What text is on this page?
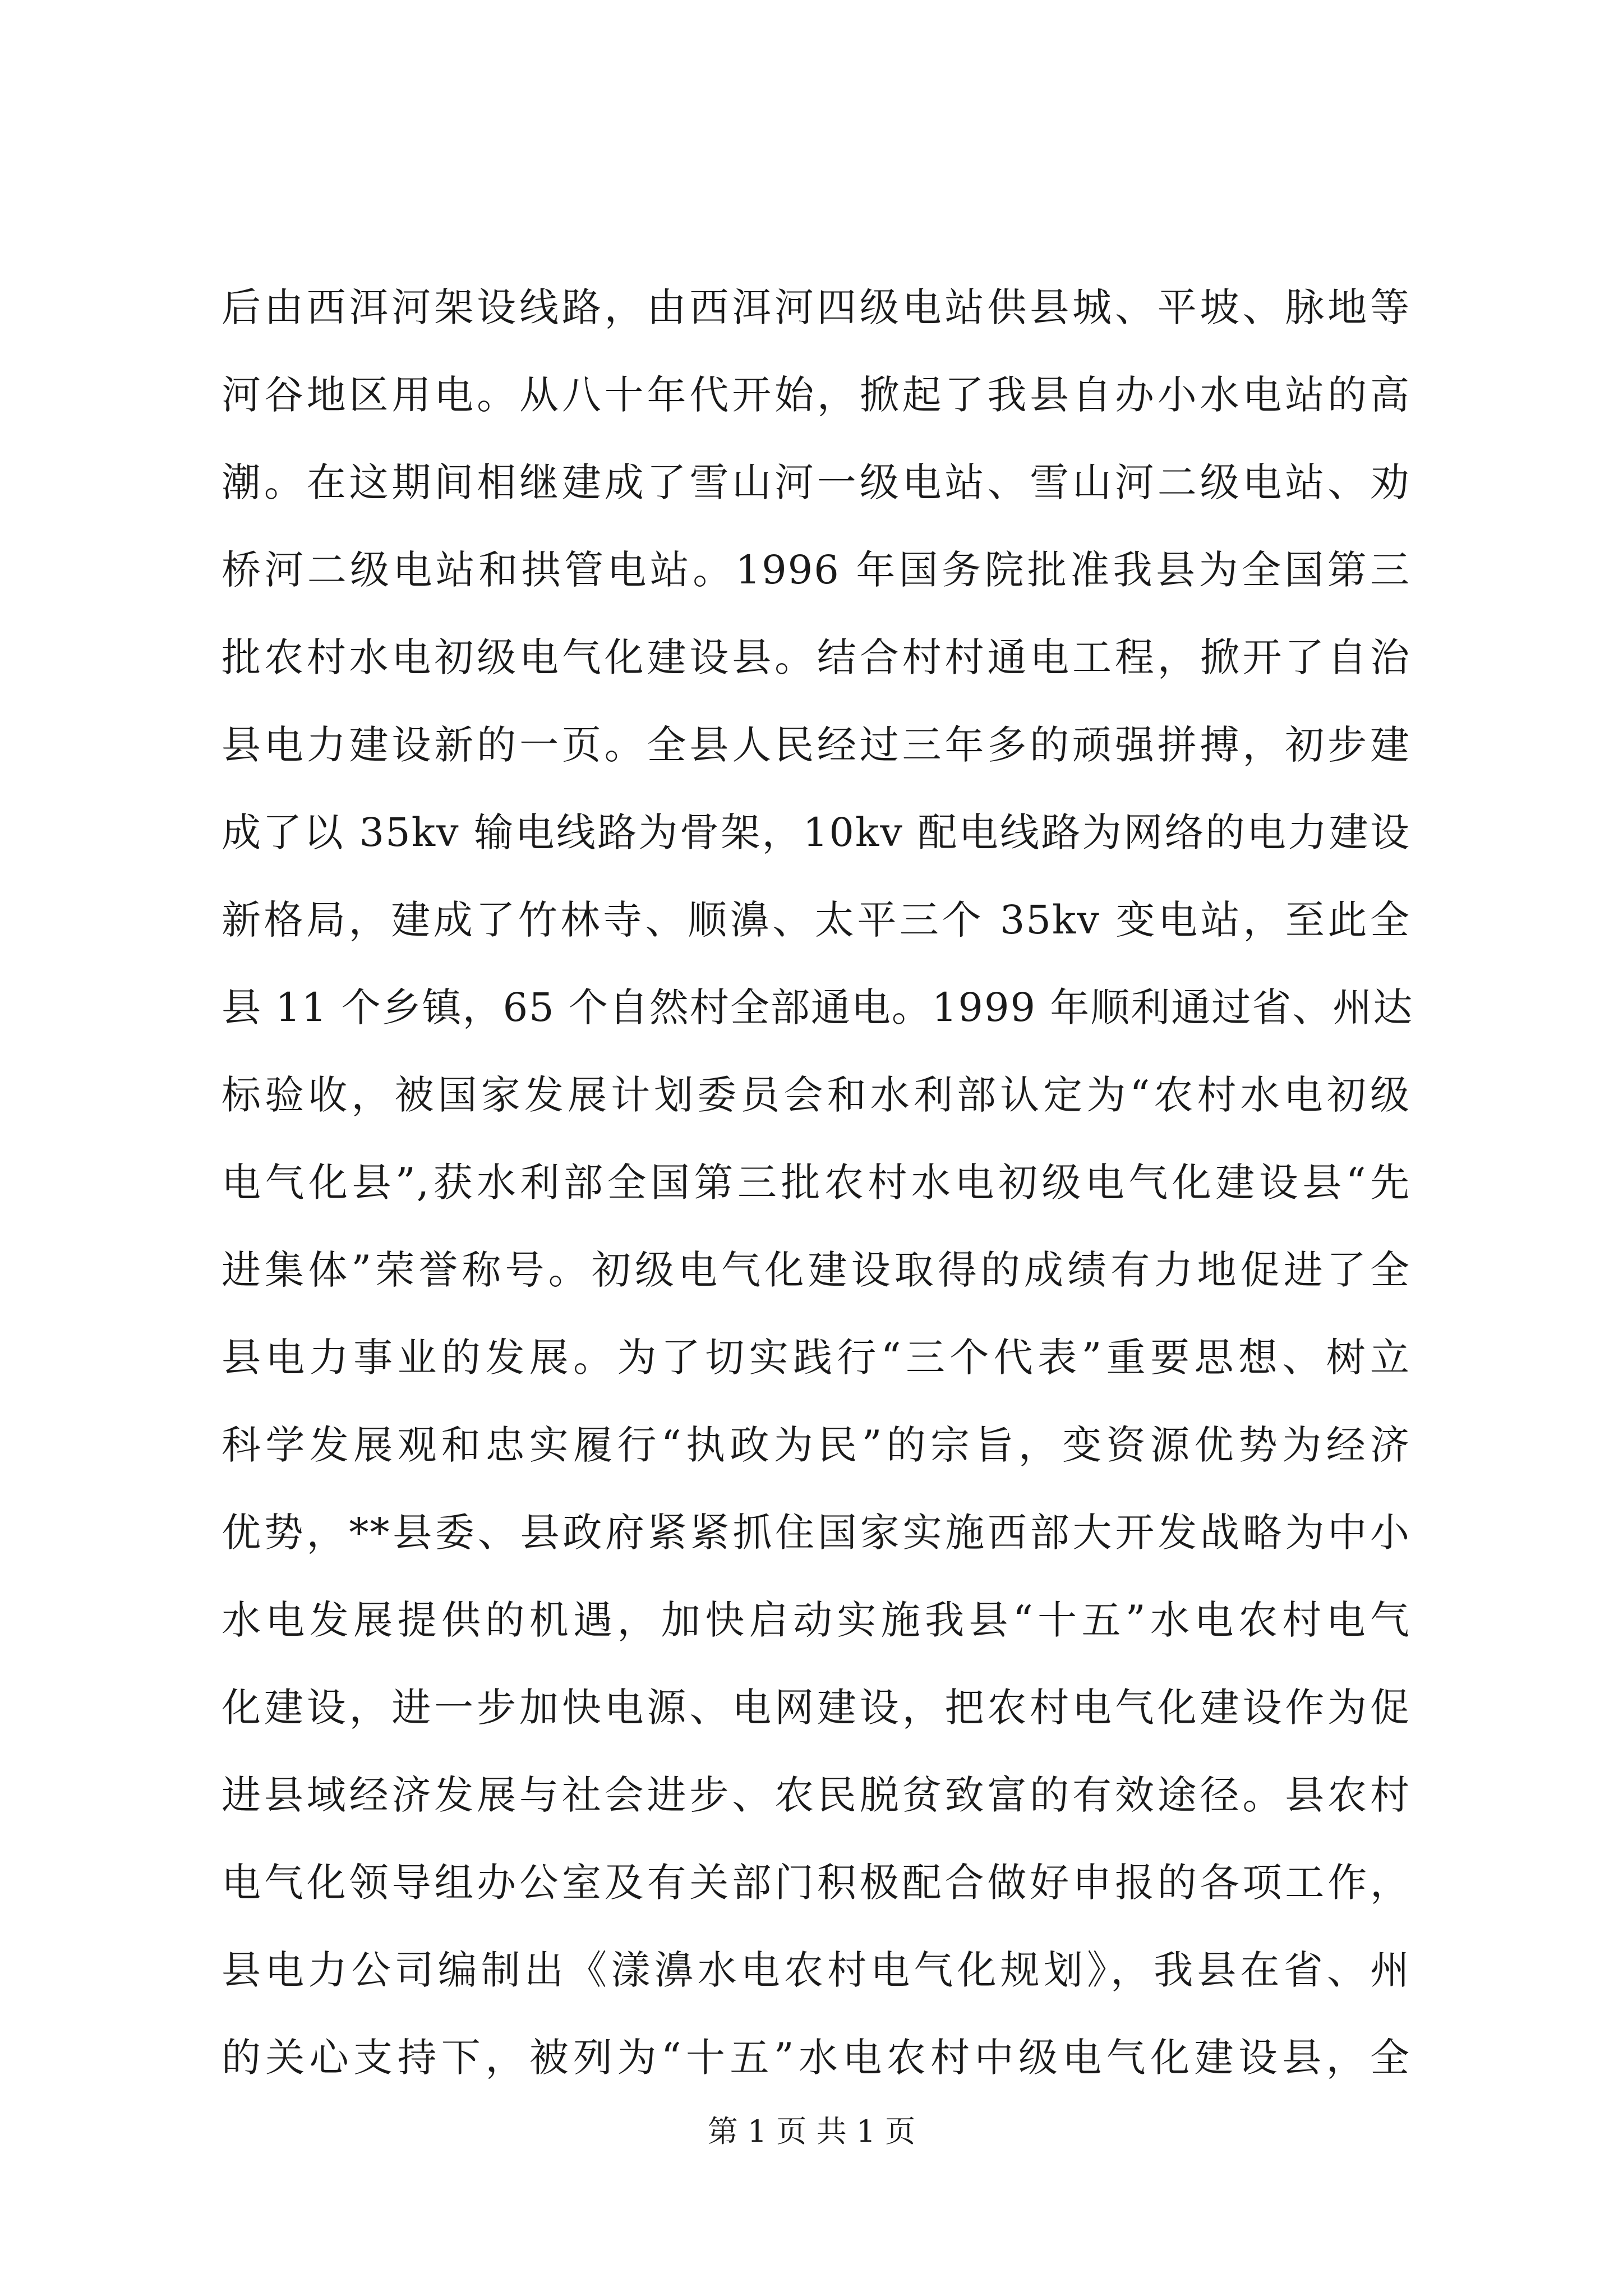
后由西洱河架设线路，由西洱河四级电站供县城、平坡、脉地等
河谷地区用电。从八十年代开始，掀起了我县自办小水电站的高
潮。在这期间相继建成了雪山河一级电站、雪山河二级电站、劝
桥河二级电站和拱管电站。1996 年国务院批准我县为全国第三
批农村水电初级电气化建设县。结合村村通电工程，掀开了自治
县电力建设新的一页。全县人民经过三年多的顽强拼搏，初步建
成了以 35kv 输电线路为骨架，10kv 配电线路为网络的电力建设
新格局，建成了竹林寺、顺濞、太平三个 35kv 变电站，至此全
县 11 个乡镇，65 个自然村全部通电。1999 年顺利通过省、州达
标验收，被国家发展计划委员会和水利部认定为“农村水电初级
电气化县”,获水利部全国第三批农村水电初级电气化建设县“先
进集体”荣誉称号。初级电气化建设取得的成绩有力地促进了全
县电力事业的发展。为了切实践行“三个代表”重要思想、树立
科学发展观和忠实履行“执政为民”的宗旨，变资源优势为经济
优势，**县委、县政府紧紧抓住国家实施西部大开发战略为中小
水电发展提供的机遇，加快启动实施我县“十五”水电农村电气
化建设，进一步加快电源、电网建设，把农村电气化建设作为促
进县域经济发展与社会进步、农民脱贫致富的有效途径。县农村
电气化领导组办公室及有关部门积极配合做好申报的各项工作，
县电力公司编制出《漾濞水电农村电气化规划》，我县在省、州
的关心支持下，被列为“十五”水电农村中级电气化建设县，全
第 1 页 共 1 页
